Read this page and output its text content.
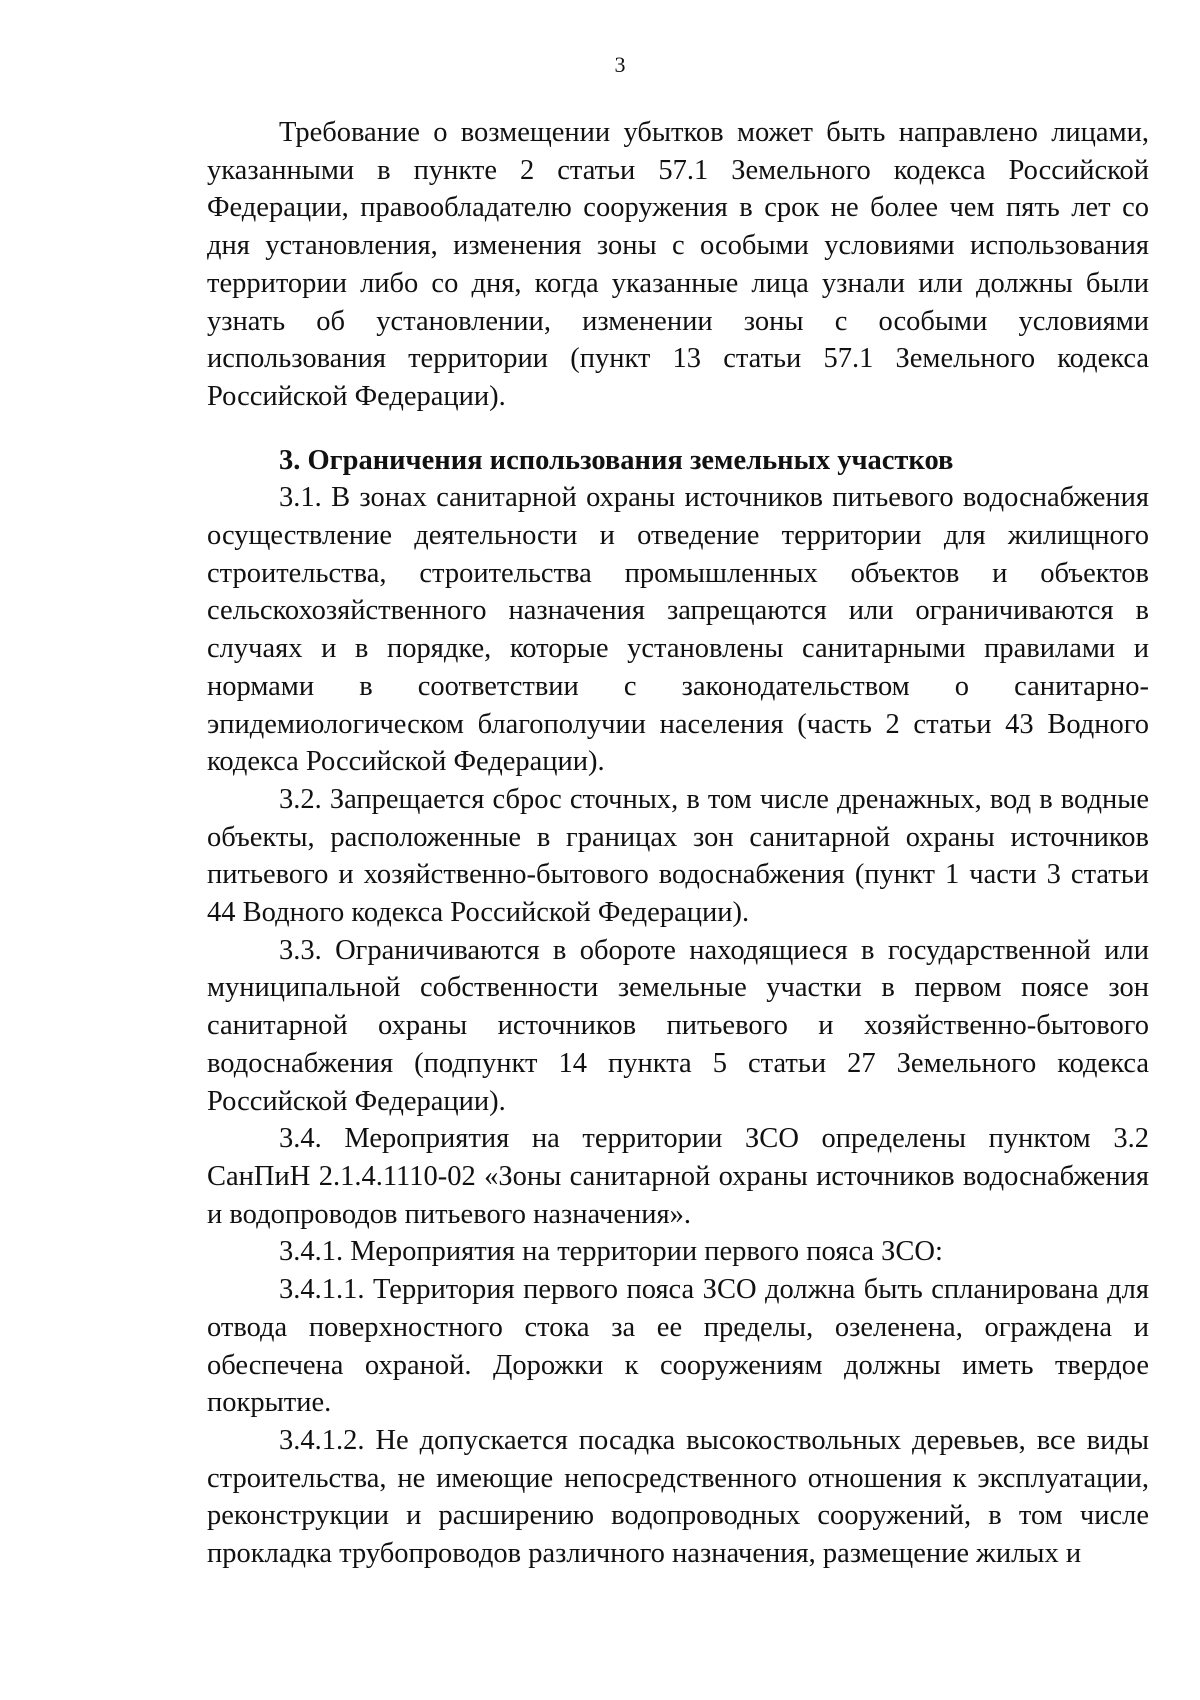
3

Требование о возмещении убытков может быть направлено лицами, указанными в пункте 2 статьи 57.1 Земельного кодекса Российской Федерации, правообладателю сооружения в срок не более чем пять лет со дня установления, изменения зоны с особыми условиями использования территории либо со дня, когда указанные лица узнали или должны были узнать об установлении, изменении зоны с особыми условиями использования территории (пункт 13 статьи 57.1 Земельного кодекса Российской Федерации).

3. Ограничения использования земельных участков

3.1. В зонах санитарной охраны источников питьевого водоснабжения осуществление деятельности и отведение территории для жилищного строительства, строительства промышленных объектов и объектов сельскохозяйственного назначения запрещаются или ограничиваются в случаях и в порядке, которые установлены санитарными правилами и нормами в соответствии с законодательством о санитарно-эпидемиологическом благополучии населения (часть 2 статьи 43 Водного кодекса Российской Федерации).

3.2. Запрещается сброс сточных, в том числе дренажных, вод в водные объекты, расположенные в границах зон санитарной охраны источников питьевого и хозяйственно-бытового водоснабжения (пункт 1 части 3 статьи 44 Водного кодекса Российской Федерации).

3.3. Ограничиваются в обороте находящиеся в государственной или муниципальной собственности земельные участки в первом поясе зон санитарной охраны источников питьевого и хозяйственно-бытового водоснабжения (подпункт 14 пункта 5 статьи 27 Земельного кодекса Российской Федерации).

3.4. Мероприятия на территории ЗСО определены пунктом 3.2 СанПиН 2.1.4.1110-02 «Зоны санитарной охраны источников водоснабжения и водопроводов питьевого назначения».

3.4.1. Мероприятия на территории первого пояса ЗСО:

3.4.1.1. Территория первого пояса ЗСО должна быть спланирована для отвода поверхностного стока за ее пределы, озеленена, ограждена и обеспечена охраной. Дорожки к сооружениям должны иметь твердое покрытие.

3.4.1.2. Не допускается посадка высокоствольных деревьев, все виды строительства, не имеющие непосредственного отношения к эксплуатации, реконструкции и расширению водопроводных сооружений, в том числе прокладка трубопроводов различного назначения, размещение жилых и
